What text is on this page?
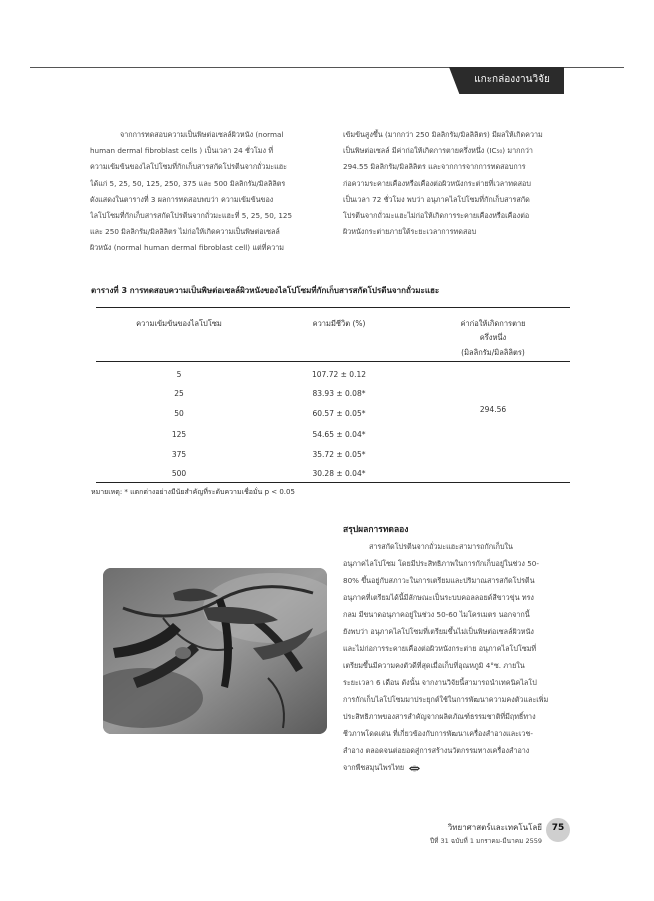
แกะกล่องงานวิจัย
จากการทดสอบความเป็นพิษต่อเซลล์ผิวหนัง (normal
human dermal fibroblast cells ) เป็นเวลา 24 ชั่วโมง ที่
ความเข้มข้นของไลโปโซมที่กักเก็บสารสกัดโปรตีนจากถั่วมะแฮะ
ได้แก่ 5, 25, 50, 125, 250, 375 และ 500 มิลลิกรัม/มิลลิลิตร
ดังแสดงในตารางที่ 3 ผลการทดสอบพบว่า ความเข้มข้นของ
ไลโปโซมที่กักเก็บสารสกัดโปรตีนจากถั่วมะแฮะที่ 5, 25, 50, 125
และ 250 มิลลิกรัม/มิลลิลิตร ไม่ก่อให้เกิดความเป็นพิษต่อเซลล์
ผิวหนัง (normal human dermal fibroblast cell) แต่ที่ความ
เข้มข้นสูงขึ้น (มากกว่า 250 มิลลิกรัม/มิลลิลิตร) มีผลให้เกิดความ
เป็นพิษต่อเซลล์ มีค่าก่อให้เกิดการตายครึ่งหนึ่ง (IC₅₀) มากกว่า
294.55 มิลลิกรัม/มิลลิลิตร และจากการจากการทดสอบการ
ก่อความระคายเคืองหรือเคืองต่อผิวหนังกระต่ายที่เวลาทดสอบ
เป็นเวลา 72 ชั่วโมง พบว่า อนุภาคไลโปโซมที่กักเก็บสารสกัด
โปรตีนจากถั่วมะแฮะไม่ก่อให้เกิดการระคายเคืองหรือเคืองต่อ
ผิวหนังกระต่ายภายใต้ระยะเวลาการทดสอบ
ตารางที่ 3 การทดสอบความเป็นพิษต่อเซลล์ผิวหนังของไลโปโซมที่กักเก็บสารสกัดโปรตีนจากถั่วมะแฮะ
ความเข้มข้นของไลโปโซม	ความมีชีวิต (%)	ค่าก่อให้เกิดการตาย
ครึ่งหนึ่ง
(มิลลิกรัม/มิลลิลิตร)
5	107.72 ± 0.12
25	83.93 ± 0.08*
50	60.57 ± 0.05*	294.56
125	54.65 ± 0.04*
375	35.72 ± 0.05*
500	30.28 ± 0.04*
หมายเหตุ: * แตกต่างอย่างมีนัยสำคัญที่ระดับความเชื่อมั่น p < 0.05
สรุปผลการทดลอง
สารสกัดโปรตีนจากถั่วมะแฮะสามารถกักเก็บใน
อนุภาคไลโปโซม โดยมีประสิทธิภาพในการกักเก็บอยู่ในช่วง 50-
80% ขึ้นอยู่กับสภาวะในการเตรียมและปริมาณสารสกัดโปรตีน
อนุภาคที่เตรียมได้นี้มีลักษณะเป็นระบบคอลลอยด์สีขาวขุ่น ทรง
กลม มีขนาดอนุภาคอยู่ในช่วง 50-60 ไมโครเมตร นอกจากนี้
ยังพบว่า อนุภาคไลโปโซมที่เตรียมขึ้นไม่เป็นพิษต่อเซลล์ผิวหนัง
และไม่ก่อการระคายเคืองต่อผิวหนังกระต่าย อนุภาคไลโปโซมที่
เตรียมขึ้นมีความคงตัวดีที่สุดเมื่อเก็บที่อุณหภูมิ 4°ซ. ภายใน
ระยะเวลา 6 เดือน ดังนั้น จากงานวิจัยนี้สามารถนำเทคนิคไลโป
การกักเก็บไลโปโซมมาประยุกต์ใช้ในการพัฒนาความคงตัวและเพิ่ม
ประสิทธิภาพของสารสำคัญจากผลิตภัณฑ์ธรรมชาติที่มีฤทธิ์ทาง
ชีวภาพโดดเด่น ที่เกี่ยวข้องกับการพัฒนาเครื่องสำอางและเวช-
สำอาง ตลอดจนต่อยอดสู่การสร้างนวัตกรรมทางเครื่องสำอาง
จากพืชสมุนไพรไทย
วิทยาศาสตร์และเทคโนโลยี
ปีที่ 31 ฉบับที่ 1 มกราคม-มีนาคม 2559
75
